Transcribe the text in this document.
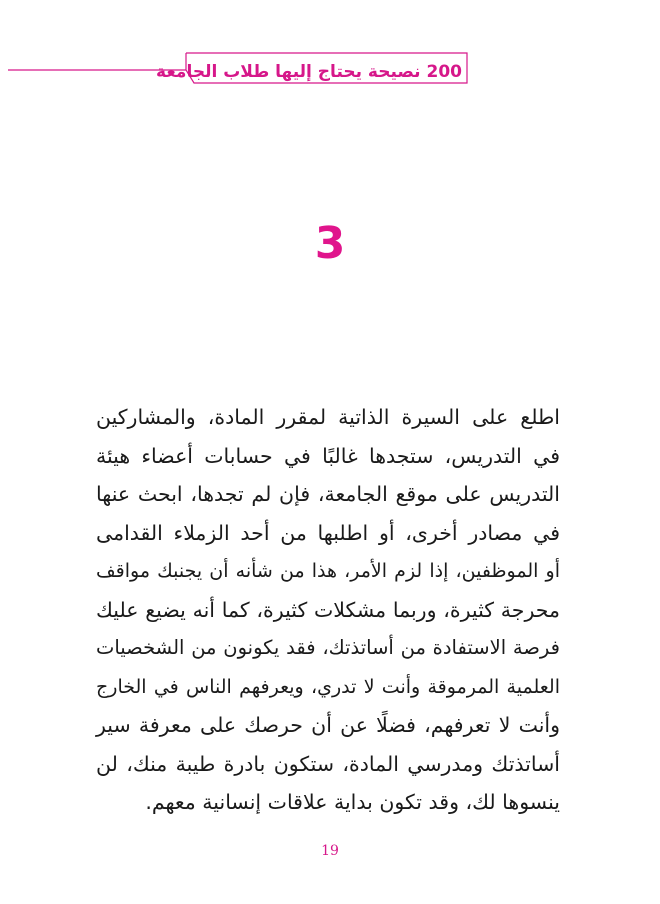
200 نصيحة يحتاج إليها طلاب الجامعة
3
اطلع على السيرة الذاتية لمقرر المادة، والمشاركين
في التدريس، ستجدها غالبًا في حسابات أعضاء هيئة
التدريس على موقع الجامعة، فإن لم تجدها، ابحث عنها
في مصادر أخرى، أو اطلبها من أحد الزملاء القدامى
أو الموظفين، إذا لزم الأمر، هذا من شأنه أن يجنبك مواقف
محرجة كثيرة، وربما مشكلات كثيرة، كما أنه يضيع عليك
فرصة الاستفادة من أساتذتك، فقد يكونون من الشخصيات
العلمية المرموقة وأنت لا تدري، ويعرفهم الناس في الخارج
وأنت لا تعرفهم، فضلًا عن أن حرصك على معرفة سير
أساتذتك ومدرسي المادة، ستكون بادرة طيبة منك، لن
ينسوها لك، وقد تكون بداية علاقات إنسانية معهم.
19
